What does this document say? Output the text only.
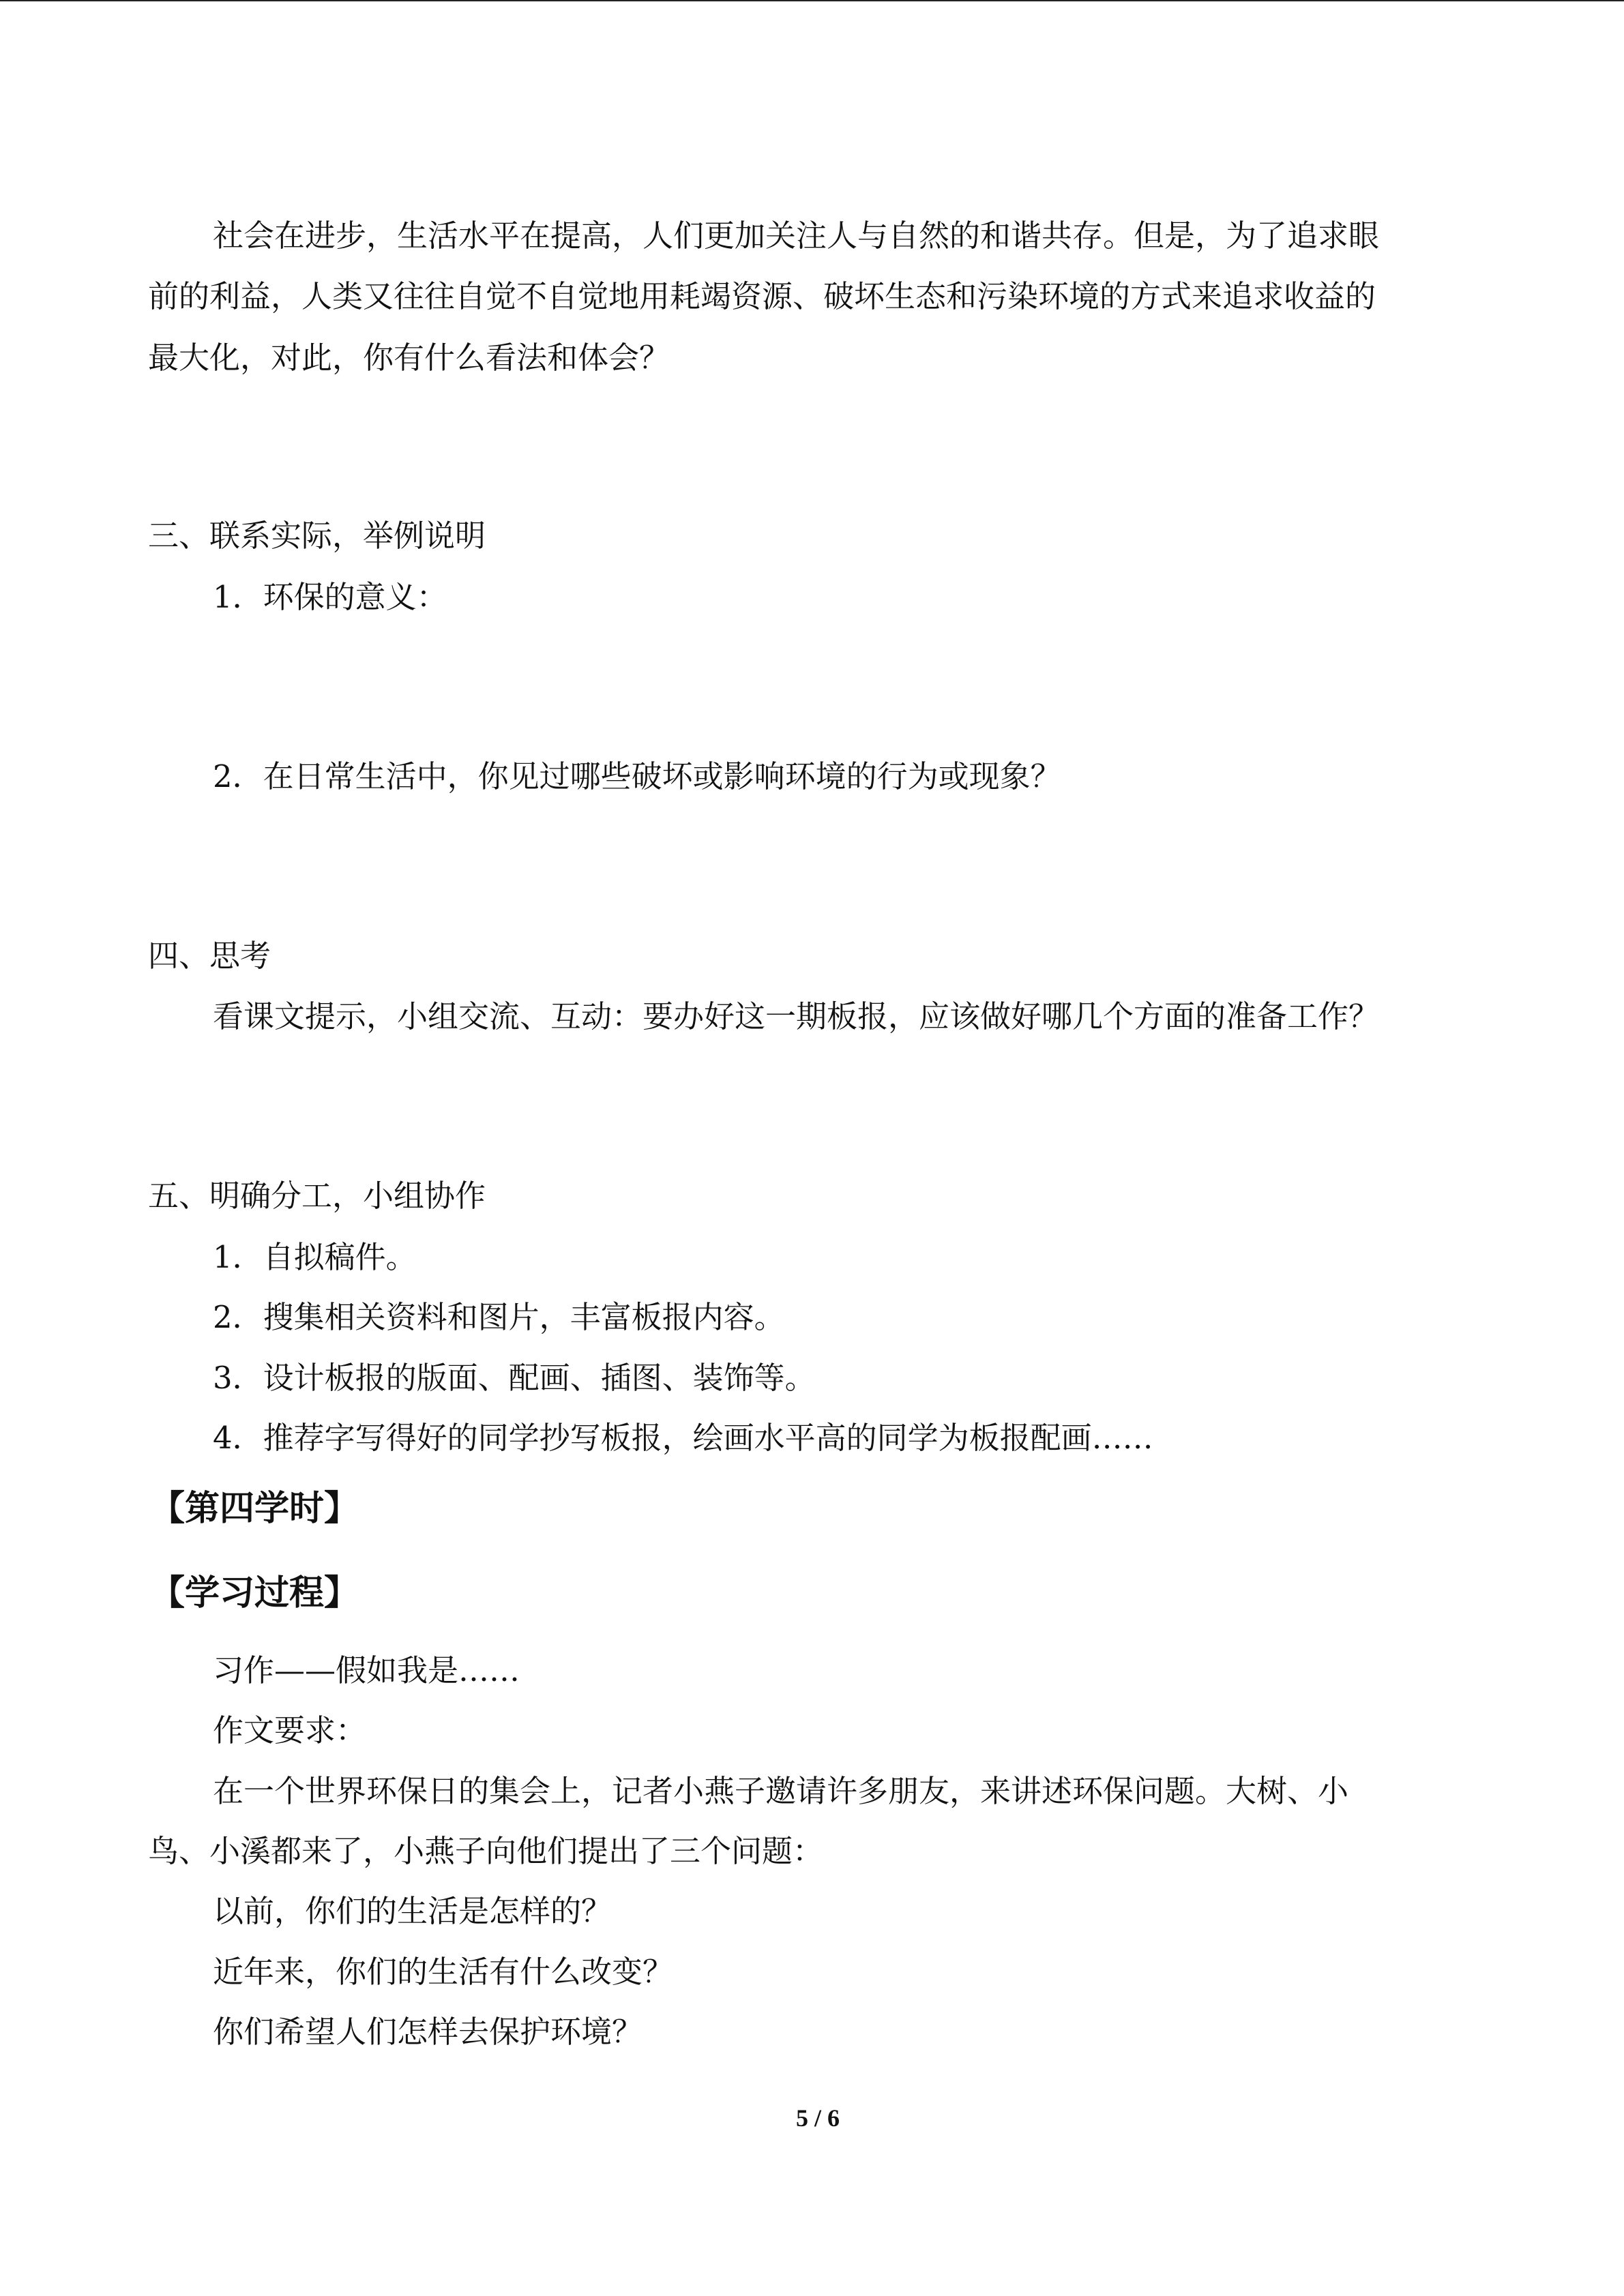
社会在进步，生活水平在提高，人们更加关注人与自然的和谐共存。但是，为了追求眼
前的利益，人类又往往自觉不自觉地用耗竭资源、破坏生态和污染环境的方式来追求收益的
最大化，对此，你有什么看法和体会？
三、联系实际，举例说明
1．环保的意义：
2．在日常生活中，你见过哪些破坏或影响环境的行为或现象？
四、思考
看课文提示，小组交流、互动：要办好这一期板报，应该做好哪几个方面的准备工作？
五、明确分工，小组协作
1．自拟稿件。
2．搜集相关资料和图片，丰富板报内容。
3．设计板报的版面、配画、插图、装饰等。
4．推荐字写得好的同学抄写板报，绘画水平高的同学为板报配画……
【第四学时】
【学习过程】
习作——假如我是……
作文要求：
在一个世界环保日的集会上，记者小燕子邀请许多朋友，来讲述环保问题。大树、小
鸟、小溪都来了，小燕子向他们提出了三个问题：
以前，你们的生活是怎样的？
近年来，你们的生活有什么改变？
你们希望人们怎样去保护环境？
5 / 6
